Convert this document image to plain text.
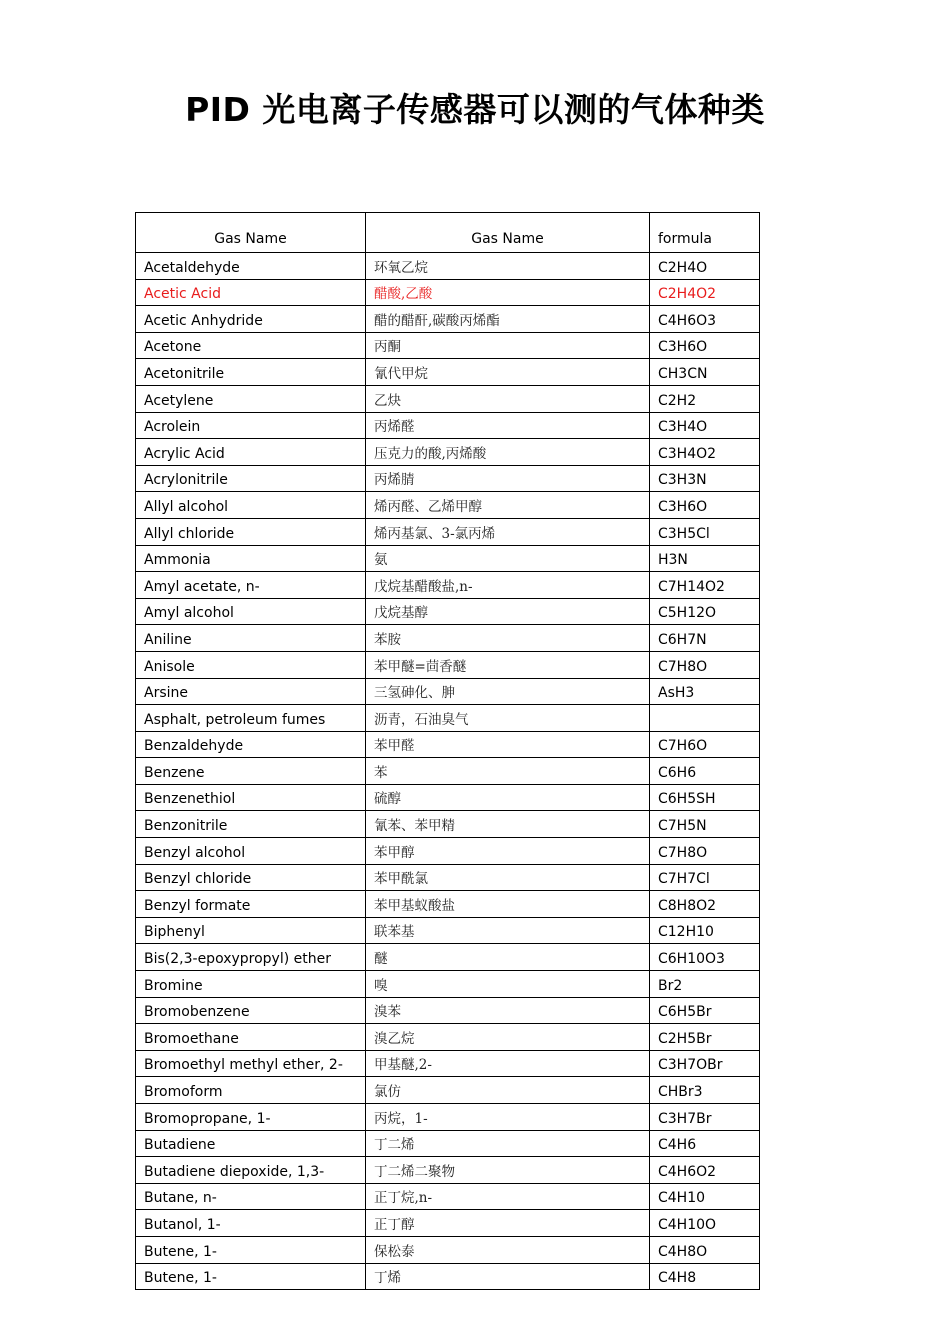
PID 光电离子传感器可以测的气体种类
Gas Name	Gas Name	formula
Acetaldehyde	环氧乙烷	C2H4O
Acetic Acid	醋酸,乙酸	C2H4O2
Acetic Anhydride	醋的醋酐,碳酸丙烯酯	C4H6O3
Acetone	丙酮	C3H6O
Acetonitrile	氰代甲烷	CH3CN
Acetylene	乙炔	C2H2
Acrolein	丙烯醛	C3H4O
Acrylic Acid	压克力的酸,丙烯酸	C3H4O2
Acrylonitrile	丙烯腈	C3H3N
Allyl alcohol	烯丙醛、乙烯甲醇	C3H6O
Allyl chloride	烯丙基氯、3-氯丙烯	C3H5Cl
Ammonia	氨	H3N
Amyl acetate, n-	戊烷基醋酸盐,n-	C7H14O2
Amyl alcohol	戊烷基醇	C5H12O
Aniline	苯胺	C6H7N
Anisole	苯甲醚=茴香醚	C7H8O
Arsine	三氢砷化、胂	AsH3
Asphalt, petroleum fumes	沥青，石油臭气	
Benzaldehyde	苯甲醛	C7H6O
Benzene	苯	C6H6
Benzenethiol	硫醇	C6H5SH
Benzonitrile	氰苯、苯甲精	C7H5N
Benzyl alcohol	苯甲醇	C7H8O
Benzyl chloride	苯甲酰氯	C7H7Cl
Benzyl formate	苯甲基蚁酸盐	C8H8O2
Biphenyl	联苯基	C12H10
Bis(2,3-epoxypropyl) ether	醚	C6H10O3
Bromine	嗅	Br2
Bromobenzene	溴苯	C6H5Br
Bromoethane	溴乙烷	C2H5Br
Bromoethyl methyl ether, 2-	甲基醚,2-	C3H7OBr
Bromoform	氯仿	CHBr3
Bromopropane, 1-	丙烷，1-	C3H7Br
Butadiene	丁二烯	C4H6
Butadiene diepoxide, 1,3-	丁二烯二聚物	C4H6O2
Butane, n-	正丁烷,n-	C4H10
Butanol, 1-	正丁醇	C4H10O
Butene, 1-	保松泰	C4H8O
Butene, 1-	丁烯	C4H8
